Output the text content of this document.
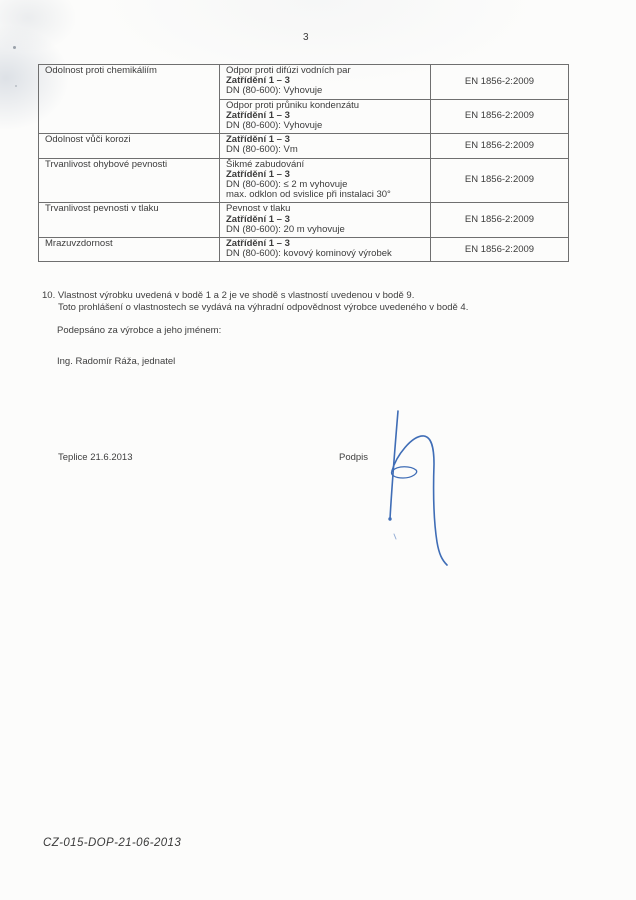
3
Odolnost proti chemikáliím	Odpor proti difúzi vodních par
Zatřídění 1 – 3
DN (80-600): Vyhovuje	EN 1856-2:2009

	Odpor proti průniku kondenzátu
Zatřídění 1 – 3
DN (80-600): Vyhovuje	EN 1856-2:2009

Odolnost vůči korozi	Zatřídění 1 – 3
DN (80-600): Vm	EN 1856-2:2009

Trvanlivost ohybové pevnosti	Šikmé zabudování
Zatřídění 1 – 3
DN (80-600): ≤ 2 m vyhovuje
max. odklon od svislice při instalaci 30°	EN 1856-2:2009

Trvanlivost pevnosti v tlaku	Pevnost v tlaku
Zatřídění 1 – 3
DN (80-600): 20 m vyhovuje	EN 1856-2:2009

Mrazuvzdornost	Zatřídění 1 – 3
DN (80-600): kovový kominový výrobek	EN 1856-2:2009
10. Vlastnost výrobku uvedená v bodě 1 a 2 je ve shodě s vlastností uvedenou v bodě 9.
Toto prohlášení o vlastnostech se vydává na výhradní odpovědnost výrobce uvedeného v bodě 4.
Podepsáno za výrobce a jeho jménem:
Ing. Radomír Ráža, jednatel
Teplice 21.6.2013	Podpis
CZ-015-DOP-21-06-2013
